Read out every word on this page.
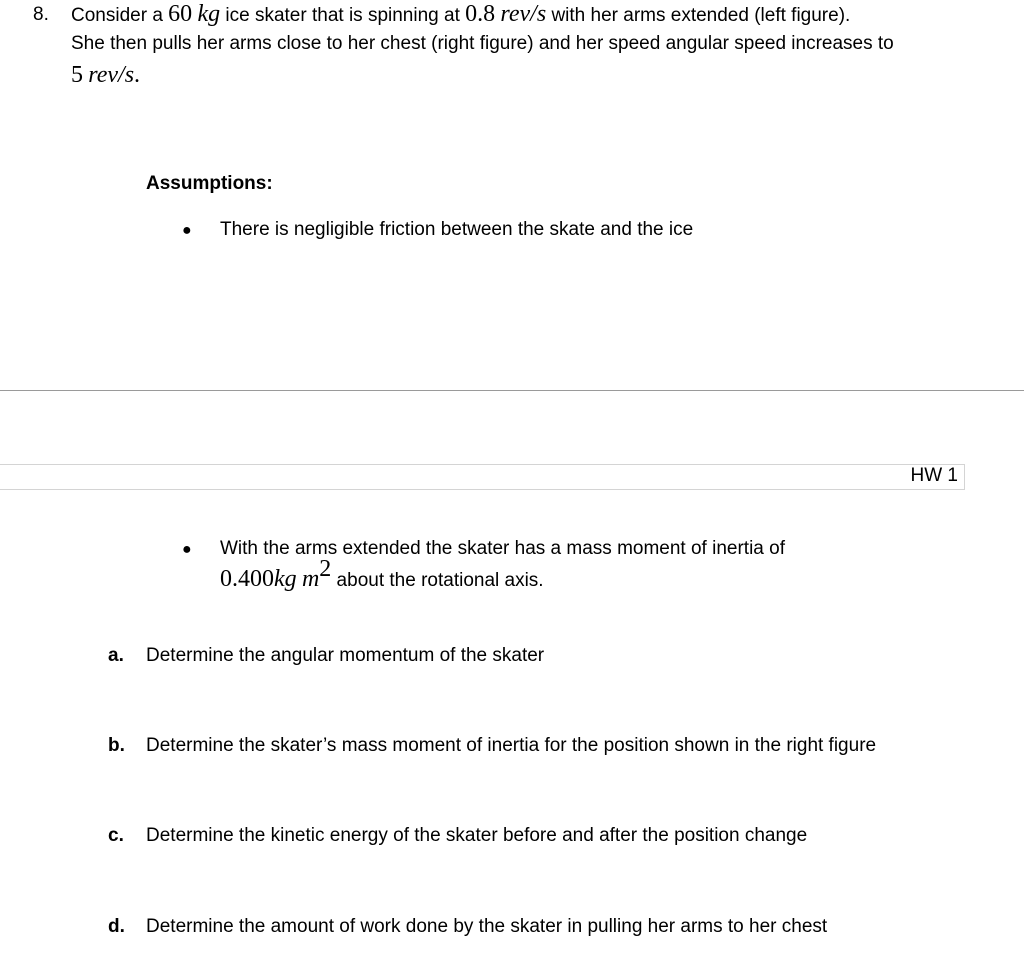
8. Consider a 60 kg ice skater that is spinning at 0.8 rev/s with her arms extended (left figure).
She then pulls her arms close to her chest (right figure) and her speed angular speed increases to
5 rev/s.
Assumptions:
● There is negligible friction between the skate and the ice
HW 1
● With the arms extended the skater has a mass moment of inertia of
0.400kg $m^2$ about the rotational axis.
a. Determine the angular momentum of the skater
b. Determine the skater’s mass moment of inertia for the position shown in the right figure
c. Determine the kinetic energy of the skater before and after the position change
d. Determine the amount of work done by the skater in pulling her arms to her chest
